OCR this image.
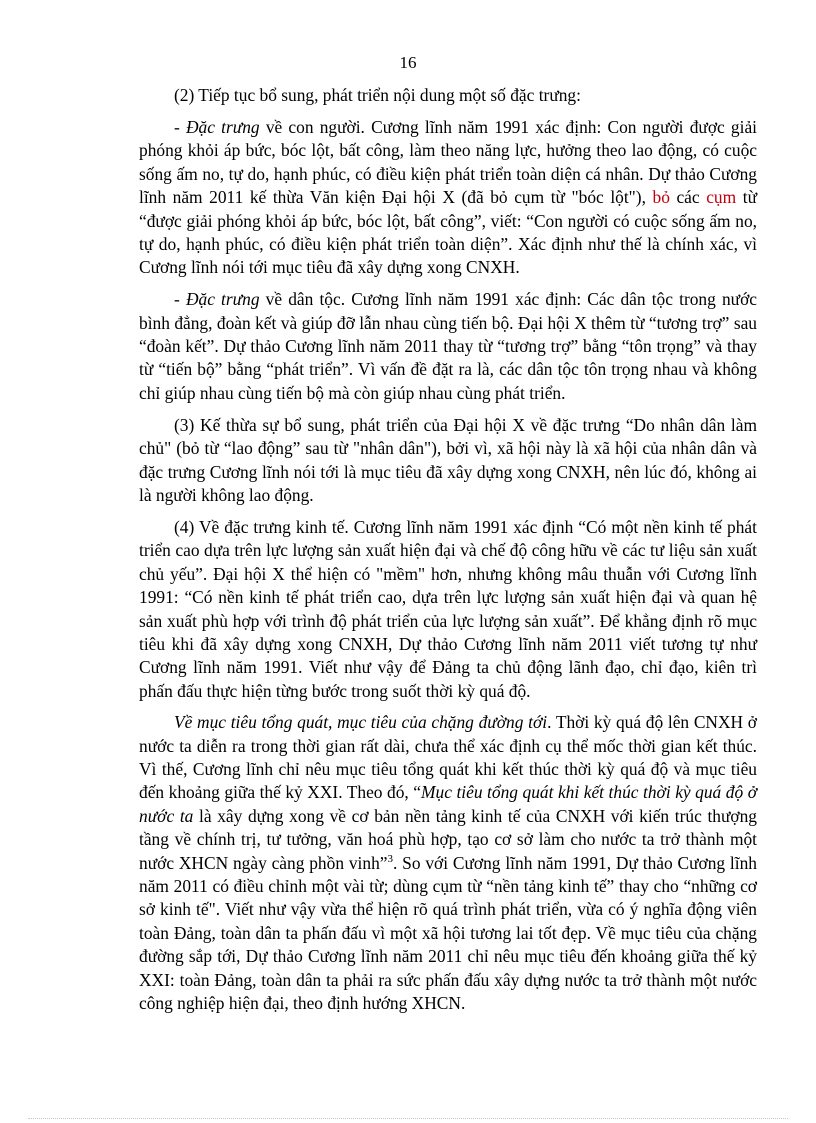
16

(2) Tiếp tục bổ sung, phát triển nội dung một số đặc trưng:

- Đặc trưng về con người. Cương lĩnh năm 1991 xác định: Con người được giải phóng khỏi áp bức, bóc lột, bất công, làm theo năng lực, hưởng theo lao động, có cuộc sống ấm no, tự do, hạnh phúc, có điều kiện phát triển toàn diện cá nhân. Dự thảo Cương lĩnh năm 2011 kế thừa Văn kiện Đại hội X (đã bỏ cụm từ "bóc lột"), bỏ các cụm từ “được giải phóng khỏi áp bức, bóc lột, bất công”, viết: “Con người có cuộc sống ấm no, tự do, hạnh phúc, có điều kiện phát triển toàn diện”. Xác định như thế là chính xác, vì Cương lĩnh nói tới mục tiêu đã xây dựng xong CNXH.

- Đặc trưng về dân tộc. Cương lĩnh năm 1991 xác định: Các dân tộc trong nước bình đẳng, đoàn kết và giúp đỡ lẫn nhau cùng tiến bộ. Đại hội X thêm từ “tương trợ” sau “đoàn kết”. Dự thảo Cương lĩnh năm 2011 thay từ “tương trợ” bằng “tôn trọng” và thay từ “tiến bộ” bằng “phát triển”. Vì vấn đề đặt ra là, các dân tộc tôn trọng nhau và không chỉ giúp nhau cùng tiến bộ mà còn giúp nhau cùng phát triển.

(3) Kế thừa sự bổ sung, phát triển của Đại hội X về đặc trưng “Do nhân dân làm chủ" (bỏ từ “lao động” sau từ "nhân dân"), bởi vì, xã hội này là xã hội của nhân dân và đặc trưng Cương lĩnh nói tới là mục tiêu đã xây dựng xong CNXH, nên lúc đó, không ai là người không lao động.

(4) Về đặc trưng kinh tế. Cương lĩnh năm 1991 xác định “Có một nền kinh tế phát triển cao dựa trên lực lượng sản xuất hiện đại và chế độ công hữu về các tư liệu sản xuất chủ yếu”. Đại hội X thể hiện có "mềm" hơn, nhưng không mâu thuẫn với Cương lĩnh 1991: “Có nền kinh tế phát triển cao, dựa trên lực lượng sản xuất hiện đại và quan hệ sản xuất phù hợp với trình độ phát triển của lực lượng sản xuất”. Để khẳng định rõ mục tiêu khi đã xây dựng xong CNXH, Dự thảo Cương lĩnh năm 2011 viết tương tự như Cương lĩnh năm 1991. Viết như vậy để Đảng ta chủ động lãnh đạo, chỉ đạo, kiên trì phấn đấu thực hiện từng bước trong suốt thời kỳ quá độ.

Về mục tiêu tổng quát, mục tiêu của chặng đường tới. Thời kỳ quá độ lên CNXH ở nước ta diễn ra trong thời gian rất dài, chưa thể xác định cụ thể mốc thời gian kết thúc. Vì thế, Cương lĩnh chỉ nêu mục tiêu tổng quát khi kết thúc thời kỳ quá độ và mục tiêu đến khoảng giữa thế kỷ XXI. Theo đó, “Mục tiêu tổng quát khi kết thúc thời kỳ quá độ ở nước ta là xây dựng xong về cơ bản nền tảng kinh tế của CNXH với kiến trúc thượng tầng về chính trị, tư tưởng, văn hoá phù hợp, tạo cơ sở làm cho nước ta trở thành một nước XHCN ngày càng phồn vinh”$^3$. So với Cương lĩnh năm 1991, Dự thảo Cương lĩnh năm 2011 có điều chỉnh một vài từ; dùng cụm từ “nền tảng kinh tế” thay cho “những cơ sở kinh tế". Viết như vậy vừa thể hiện rõ quá trình phát triển, vừa có ý nghĩa động viên toàn Đảng, toàn dân ta phấn đấu vì một xã hội tương lai tốt đẹp. Về mục tiêu của chặng đường sắp tới, Dự thảo Cương lĩnh năm 2011 chỉ nêu mục tiêu đến khoảng giữa thế kỷ XXI: toàn Đảng, toàn dân ta phải ra sức phấn đấu xây dựng nước ta trở thành một nước công nghiệp hiện đại, theo định hướng XHCN.
